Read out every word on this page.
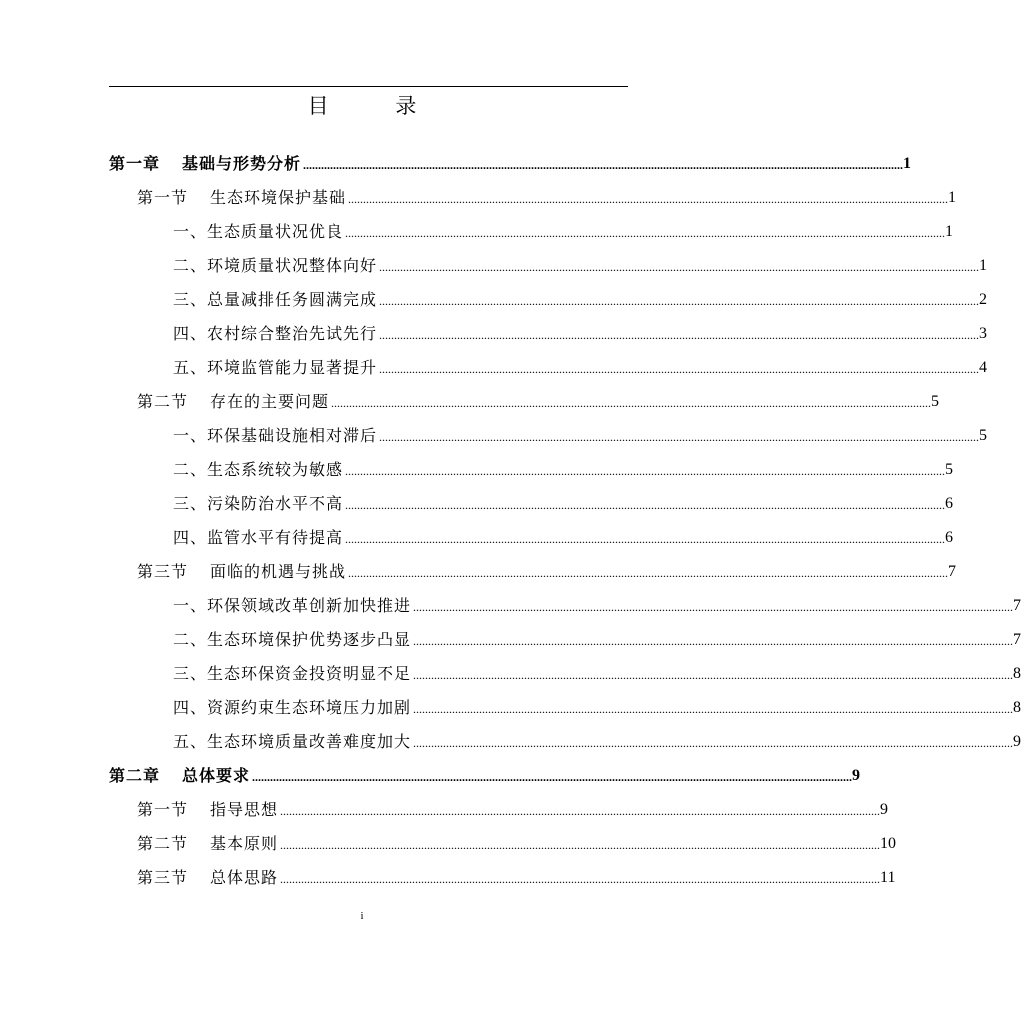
目 录
第一章 基础与形势分析 ........................................................................................................................................................................................................ 1
第一节 生态环境保护基础 ........................................................................................................................................................................................................ 1
一、 生态质量状况优良 ........................................................................................................................................................................................................ 1
二、 环境质量状况整体向好 ........................................................................................................................................................................................................ 1
三、 总量减排任务圆满完成 ........................................................................................................................................................................................................ 2
四、 农村综合整治先试先行 ........................................................................................................................................................................................................ 3
五、 环境监管能力显著提升 ........................................................................................................................................................................................................ 4
第二节 存在的主要问题 ........................................................................................................................................................................................................ 5
一、 环保基础设施相对滞后 ........................................................................................................................................................................................................ 5
二、 生态系统较为敏感 ........................................................................................................................................................................................................ 5
三、 污染防治水平不高 ........................................................................................................................................................................................................ 6
四、 监管水平有待提高 ........................................................................................................................................................................................................ 6
第三节 面临的机遇与挑战 ........................................................................................................................................................................................................ 7
一、 环保领域改革创新加快推进 ........................................................................................................................................................................................................ 7
二、 生态环境保护优势逐步凸显 ........................................................................................................................................................................................................ 7
三、 生态环保资金投资明显不足 ........................................................................................................................................................................................................ 8
四、 资源约束生态环境压力加剧 ........................................................................................................................................................................................................ 8
五、 生态环境质量改善难度加大 ........................................................................................................................................................................................................ 9
第二章 总体要求 ........................................................................................................................................................................................................ 9
第一节 指导思想 ........................................................................................................................................................................................................ 9
第二节 基本原则 ........................................................................................................................................................................................................ 10
第三节 总体思路 ........................................................................................................................................................................................................ 11
i
